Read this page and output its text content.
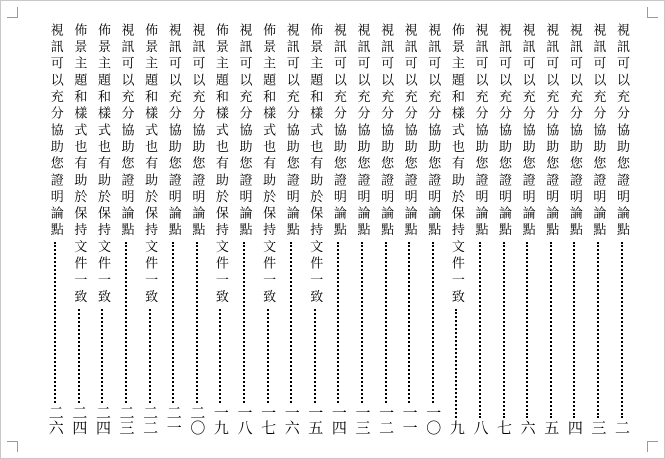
視訊可以充分協助您證明論點
二
視訊可以充分協助您證明論點
三
視訊可以充分協助您證明論點
四
視訊可以充分協助您證明論點
五
視訊可以充分協助您證明論點
六
視訊可以充分協助您證明論點
七
視訊可以充分協助您證明論點
八
佈景主題和樣式也有助於保持文件一致
九
視訊可以充分協助您證明論點
一〇
視訊可以充分協助您證明論點
一一
視訊可以充分協助您證明論點
一二
視訊可以充分協助您證明論點
一三
視訊可以充分協助您證明論點
一四
佈景主題和樣式也有助於保持文件一致
一五
視訊可以充分協助您證明論點
一六
佈景主題和樣式也有助於保持文件一致
一七
視訊可以充分協助您證明論點
一八
佈景主題和樣式也有助於保持文件一致
一九
視訊可以充分協助您證明論點
二〇
視訊可以充分協助您證明論點
二一
佈景主題和樣式也有助於保持文件一致
二二
視訊可以充分協助您證明論點
二三
佈景主題和樣式也有助於保持文件一致
二四
佈景主題和樣式也有助於保持文件一致
二四
視訊可以充分協助您證明論點
二六
